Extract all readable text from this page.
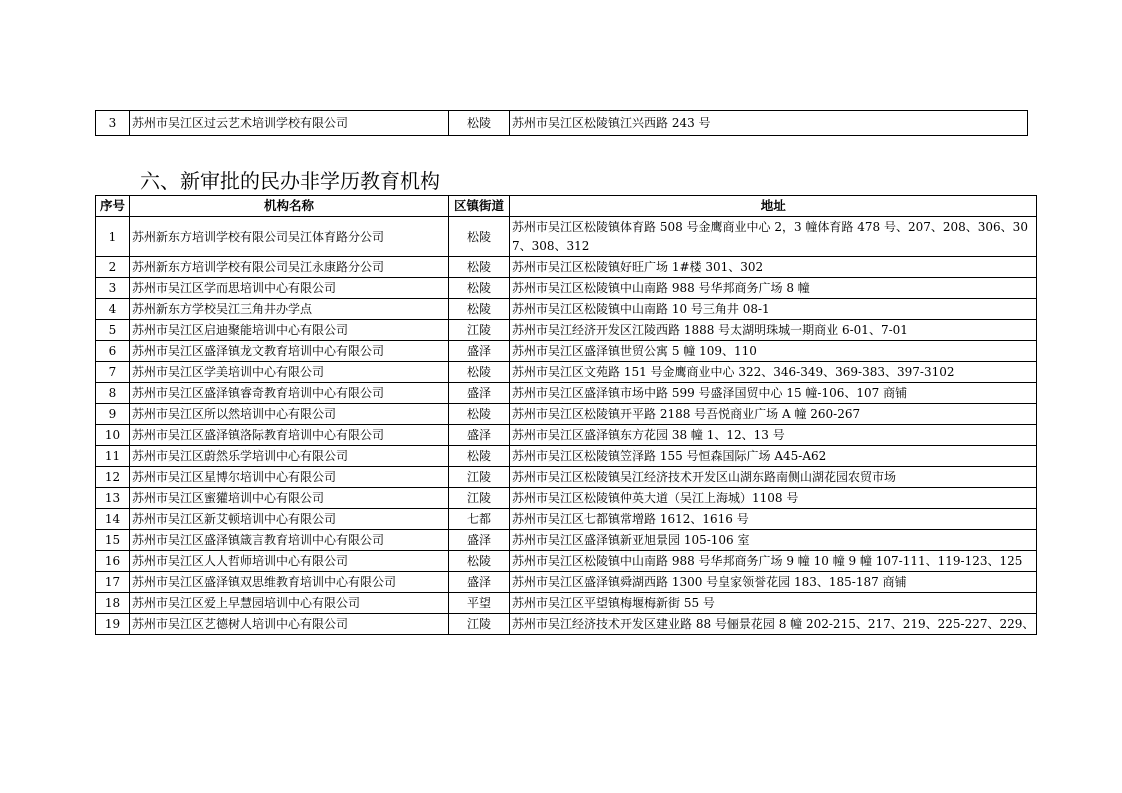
3	苏州市吴江区过云艺术培训学校有限公司	松陵	苏州市吴江区松陵镇江兴西路 243 号
六、新审批的民办非学历教育机构
序号	机构名称	区镇街道	地址
1	苏州新东方培训学校有限公司吴江体育路分公司	松陵	苏州市吴江区松陵镇体育路 508 号金鹰商业中心 2，3 幢体育路 478 号、207、208、306、307、308、312
2	苏州新东方培训学校有限公司吴江永康路分公司	松陵	苏州市吴江区松陵镇好旺广场 1#楼 301、302
3	苏州市吴江区学而思培训中心有限公司	松陵	苏州市吴江区松陵镇中山南路 988 号华邦商务广场 8 幢
4	苏州新东方学校吴江三角井办学点	松陵	苏州市吴江区松陵镇中山南路 10 号三角井 08-1
5	苏州市吴江区启迪聚能培训中心有限公司	江陵	苏州市吴江经济开发区江陵西路 1888 号太湖明珠城一期商业 6-01、7-01
6	苏州市吴江区盛泽镇龙文教育培训中心有限公司	盛泽	苏州市吴江区盛泽镇世贸公寓 5 幢 109、110
7	苏州市吴江区学美培训中心有限公司	松陵	苏州市吴江区文苑路 151 号金鹰商业中心 322、346-349、369-383、397-3102
8	苏州市吴江区盛泽镇睿奇教育培训中心有限公司	盛泽	苏州市吴江区盛泽镇市场中路 599 号盛泽国贸中心 15 幢-106、107 商铺
9	苏州市吴江区所以然培训中心有限公司	松陵	苏州市吴江区松陵镇开平路 2188 号吾悦商业广场 A 幢 260-267
10	苏州市吴江区盛泽镇洛际教育培训中心有限公司	盛泽	苏州市吴江区盛泽镇东方花园 38 幢 1、12、13 号
11	苏州市吴江区蔚然乐学培训中心有限公司	松陵	苏州市吴江区松陵镇笠泽路 155 号恒森国际广场 A45-A62
12	苏州市吴江区星博尔培训中心有限公司	江陵	苏州市吴江区松陵镇吴江经济技术开发区山湖东路南侧山湖花园农贸市场
13	苏州市吴江区蜜獾培训中心有限公司	江陵	苏州市吴江区松陵镇仲英大道（吴江上海城）1108 号
14	苏州市吴江区新艾顿培训中心有限公司	七都	苏州市吴江区七都镇常增路 1612、1616 号
15	苏州市吴江区盛泽镇箴言教育培训中心有限公司	盛泽	苏州市吴江区盛泽镇新亚旭景园 105-106 室
16	苏州市吴江区人人哲师培训中心有限公司	松陵	苏州市吴江区松陵镇中山南路 988 号华邦商务广场 9 幢 10 幢 9 幢 107-111、119-123、125
17	苏州市吴江区盛泽镇双思维教育培训中心有限公司	盛泽	苏州市吴江区盛泽镇舜湖西路 1300 号皇家领誉花园 183、185-187 商铺
18	苏州市吴江区爱上早慧园培训中心有限公司	平望	苏州市吴江区平望镇梅堰梅新街 55 号
19	苏州市吴江区艺德树人培训中心有限公司	江陵	苏州市吴江经济技术开发区建业路 88 号俪景花园 8 幢 202-215、217、219、225-227、229、
